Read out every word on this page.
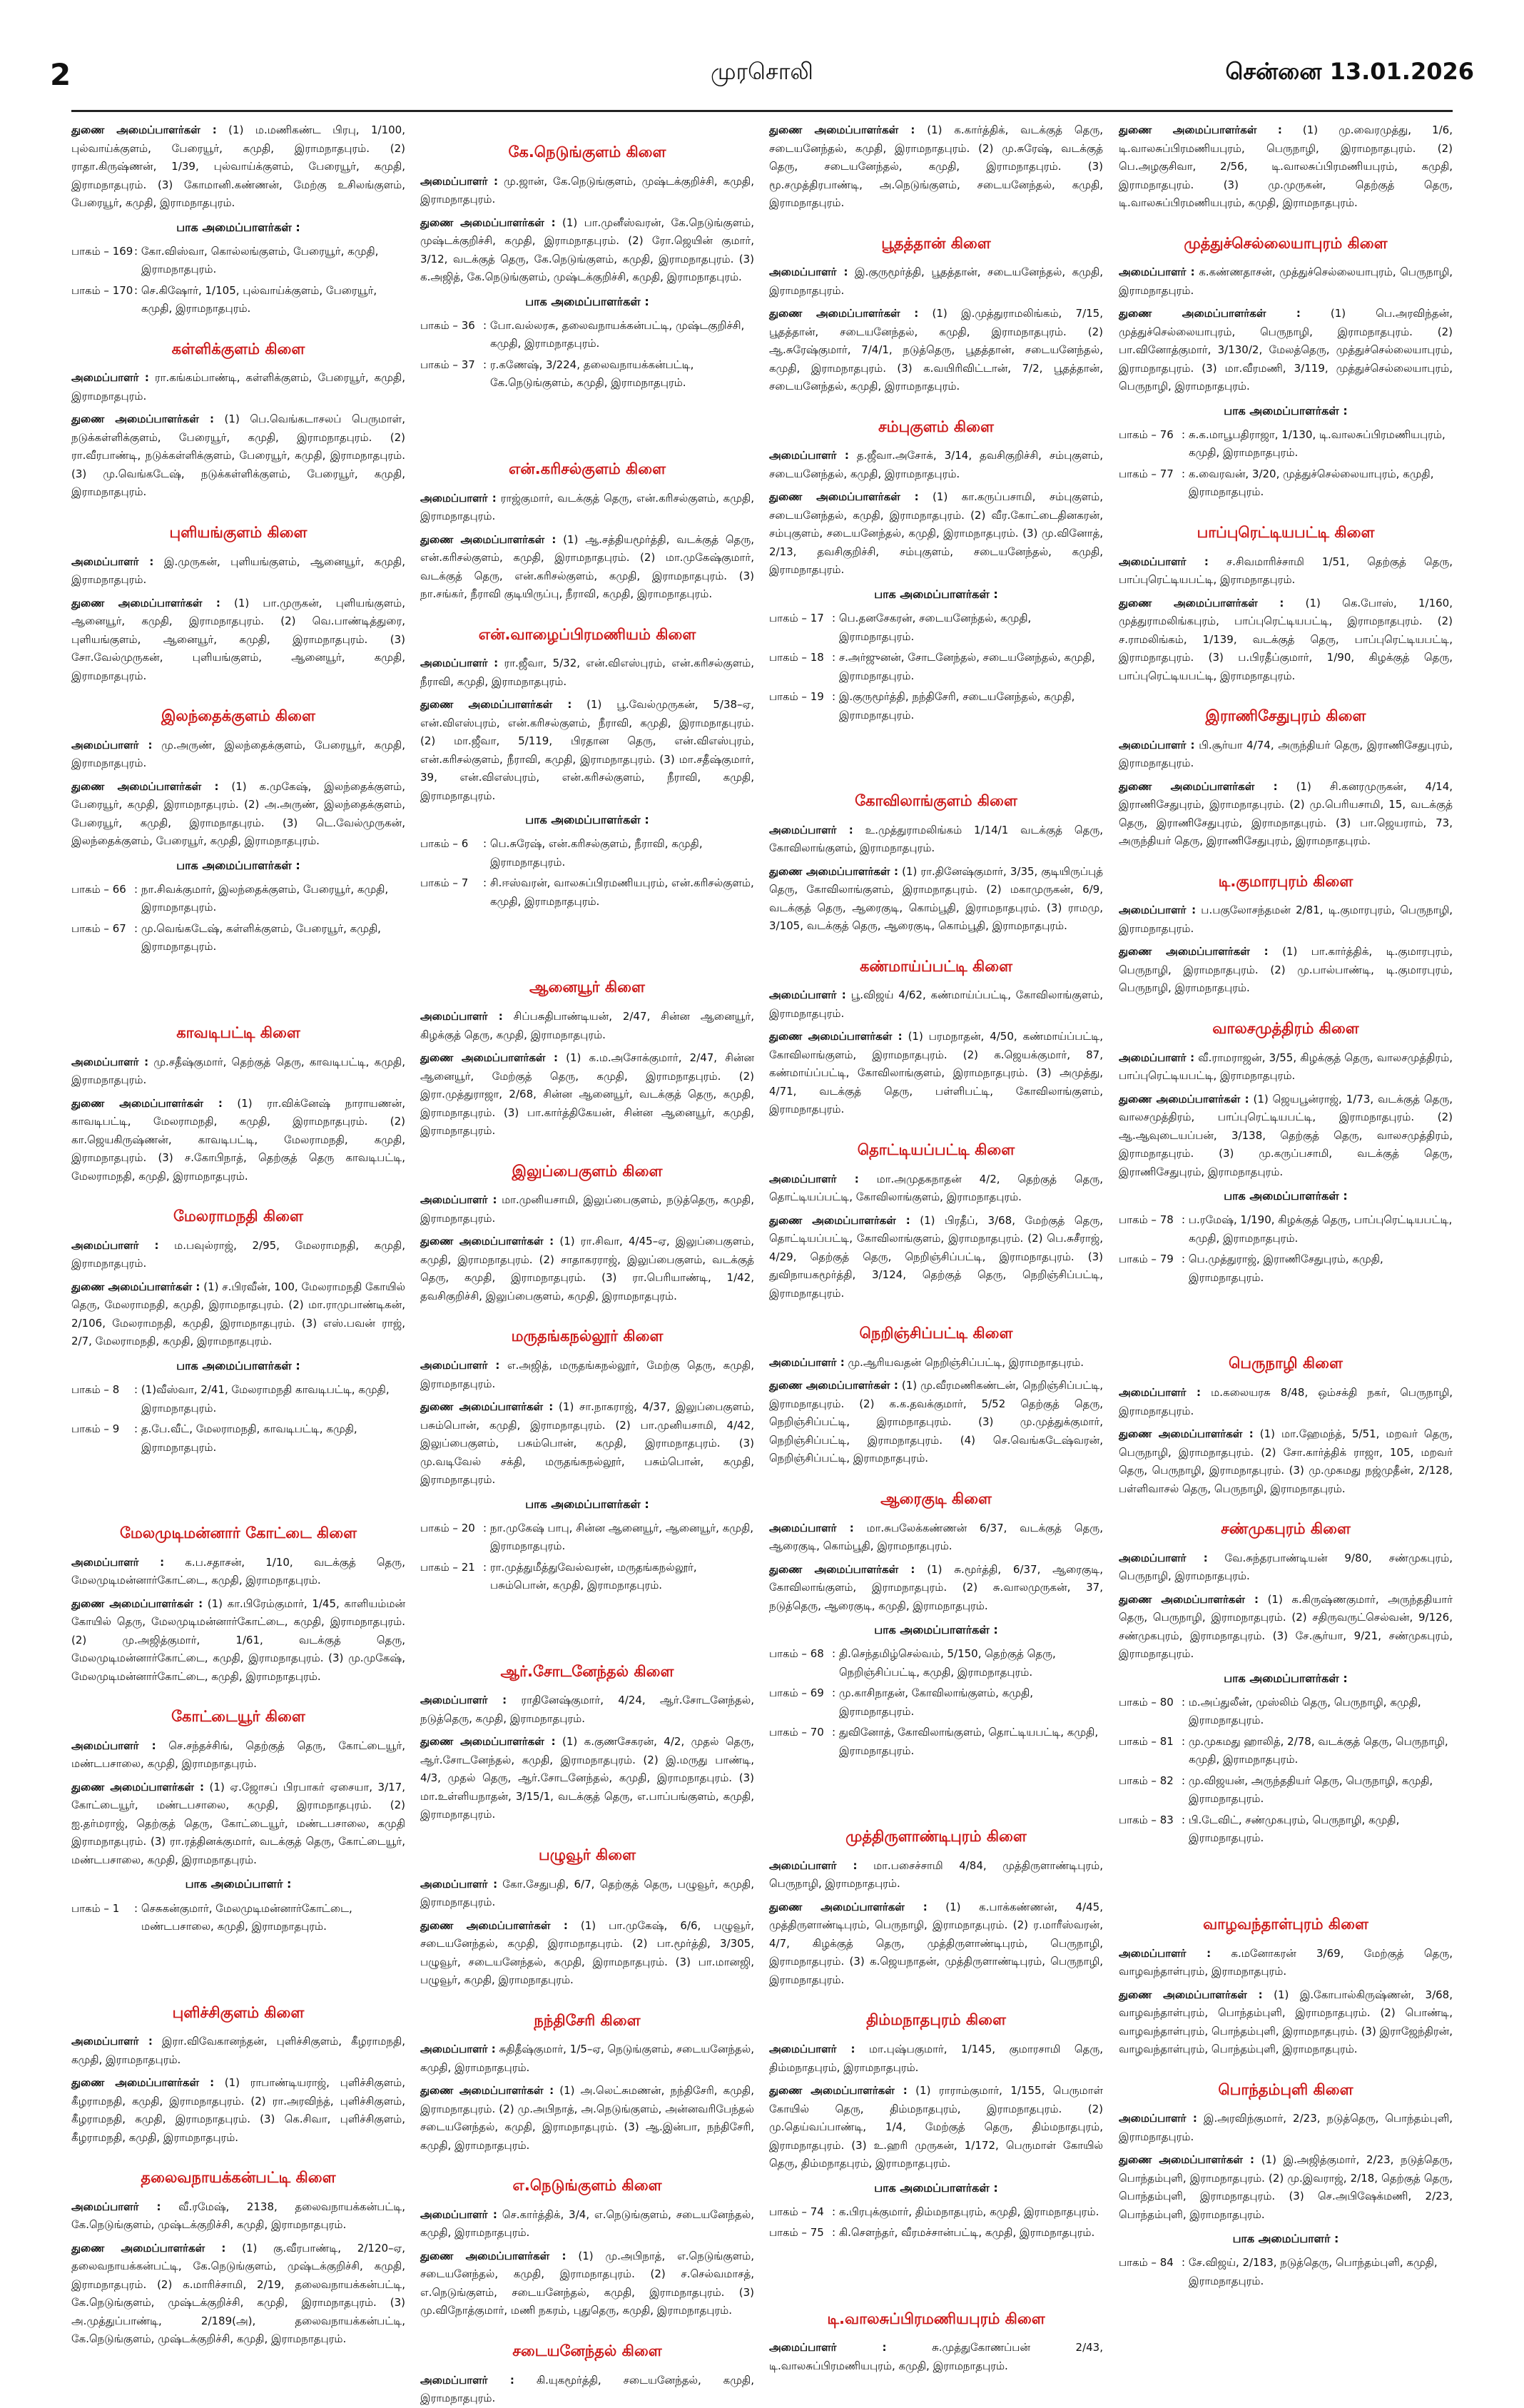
2	முரசொலி	சென்னை 13.01.2026

துணை அமைப்பாளர்கள் : (1) ம.மணிகண்ட பிரபு, 1/100, புல்வாய்க்குளம், பேரையூர், கமுதி, இராமநாதபுரம். (2) ராதா.கிருஷ்ணன், 1/39, புல்வாய்க்குளம், பேரையூர், கமுதி, இராமநாதபுரம். (3) கோமானி.கண்ணன், மேற்கு உசிலங்குளம், பேரையூர், கமுதி, இராமநாதபுரம்.

பாக அமைப்பாளர்கள் :
பாகம் – 169 : கோ.விஸ்வா, கொல்லங்குளம், பேரையூர், கமுதி, இராமநாதபுரம்.
பாகம் – 170 : செ.கிஷோர், 1/105, புல்வாய்க்குளம், பேரையூர், கமுதி, இராமநாதபுரம்.
கள்ளிக்குளம் கிளை

அமைப்பாளர் : ரா.கங்கம்பாண்டி, கள்ளிக்குளம், பேரையூர், கமுதி, இராமநாதபுரம்.

துணை அமைப்பாளர்கள் : (1) பெ.வெங்கடாசலப் பெருமாள், நடுக்கள்ளிக்குளம், பேரையூர், கமுதி, இராமநாதபுரம். (2) ரா.வீரபாண்டி, நடுக்கள்ளிக்குளம், பேரையூர், கமுதி, இராமநாதபுரம். (3) மு.வெங்கடேஷ், நடுக்கள்ளிக்குளம், பேரையூர், கமுதி, இராமநாதபுரம்.

புளியங்குளம் கிளை

அமைப்பாளர் : இ.முருகன், புளியங்குளம், ஆனையூர், கமுதி, இராமநாதபுரம்.

துணை அமைப்பாளர்கள் : (1) பா.முருகன், புளியங்குளம், ஆனையூர், கமுதி, இராமநாதபுரம். (2) வெ.பாண்டித்துரை, புளியங்குளம், ஆனையூர், கமுதி, இராமநாதபுரம். (3) சோ.வேல்முருகன், புளியங்குளம், ஆனையூர், கமுதி, இராமநாதபுரம்.

இலந்தைக்குளம் கிளை

அமைப்பாளர் : மு.அருண், இலந்தைக்குளம், பேரையூர், கமுதி, இராமநாதபுரம்.

துணை அமைப்பாளர்கள் : (1) க.முகேஷ், இலந்தைக்குளம், பேரையூர், கமுதி, இராமநாதபுரம். (2) அ.அருண், இலந்தைக்குளம், பேரையூர், கமுதி, இராமநாதபுரம். (3) டெ.வேல்முருகன், இலந்தைக்குளம், பேரையூர், கமுதி, இராமநாதபுரம்.

பாக அமைப்பாளர்கள் :
பாகம் – 66 : நா.சிவக்குமார், இலந்தைக்குளம், பேரையூர், கமுதி, இராமநாதபுரம்.
பாகம் – 67 : மு.வெங்கடேஷ், கள்ளிக்குளம், பேரையூர், கமுதி, இராமநாதபுரம்.
காவடிபட்டி கிளை

அமைப்பாளர் : மு.சதீஷ்குமார், தெற்குத் தெரு, காவடிபட்டி, கமுதி, இராமநாதபுரம்.

துணை அமைப்பாளர்கள் : (1) ரா.விக்னேஷ் நாராயணன், காவடிபட்டி, மேலராமநதி, கமுதி, இராமநாதபுரம். (2) கா.ஜெயகிருஷ்ணன், காவடிபட்டி, மேலராமநதி, கமுதி, இராமநாதபுரம். (3) ச.கோபிநாத், தெற்குத் தெரு காவடிபட்டி, மேலராமநதி, கமுதி, இராமநாதபுரம்.

மேலராமநதி கிளை

அமைப்பாளர் : ம.பவுல்ராஜ், 2/95, மேலராமநதி, கமுதி, இராமநாதபுரம்.

துணை அமைப்பாளர்கள் : (1) ச.பிரவீன், 100, மேலராமநதி கோயில் தெரு, மேலராமநதி, கமுதி, இராமநாதபுரம். (2) மா.ராமுபாண்டிகன், 2/106, மேலராமநதி, கமுதி, இராமநாதபுரம். (3) எஸ்.பவன் ராஜ், 2/7, மேலராமநதி, கமுதி, இராமநாதபுரம்.

பாக அமைப்பாளர்கள் :
பாகம் – 8	: (1)வீஸ்வா, 2/41, மேலராமநதி காவடிபட்டி, கமுதி, இராமநாதபுரம்.
பாகம் – 9	: த.பே.வீட், மேலராமநதி, காவடிபட்டி, கமுதி, இராமநாதபுரம்.
மேலமுடிமன்னார் கோட்டை கிளை

அமைப்பாளர் : க.ப.சதாசன், 1/10, வடக்குத் தெரு, மேலமுடிமன்னார்கோட்டை, கமுதி, இராமநாதபுரம்.

துணை அமைப்பாளர்கள் : (1) கா.பிரேம்குமார், 1/45, காளியம்மன் கோயில் தெரு, மேலமுடிமன்னார்கோட்டை, கமுதி, இராமநாதபுரம். (2) மு.அஜித்குமார், 1/61, வடக்குத் தெரு, மேலமுடிமன்னார்கோட்டை, கமுதி, இராமநாதபுரம். (3) மு.முகேஷ், மேலமுடிமன்னார்கோட்டை, கமுதி, இராமநாதபுரம்.

கோட்டையூர் கிளை

அமைப்பாளர் : செ.சந்தச்சிங், தெற்குத் தெரு, கோட்டையூர், மண்டபசாலை, கமுதி, இராமநாதபுரம்.

துணை அமைப்பாளர்கள் : (1) ஏ.ஜோசப் பிரபாகர் ஏசையா, 3/17, கோட்டையூர், மண்டபசாலை, கமுதி, இராமநாதபுரம். (2) ஐ.தர்மராஜ், தெற்குத் தெரு, கோட்டையூர், மண்டபசாலை, கமுதி இராமநாதபுரம். (3) ரா.ரத்தினக்குமார், வடக்குத் தெரு, கோட்டையூர், மண்டபசாலை, கமுதி, இராமநாதபுரம்.

பாக அமைப்பாளர் :
பாகம் – 1	: செசுகன்குமார், மேலமுடிமன்னார்கோட்டை, மண்டபசாலை, கமுதி, இராமநாதபுரம்.
புளிச்சிகுளம் கிளை

அமைப்பாளர் : இரா.விவேகானந்தன், புளிச்சிகுளம், கீழராமநதி, கமுதி, இராமநாதபுரம்.

துணை அமைப்பாளர்கள் : (1) ராபாண்டியராஜ், புளிச்சிகுளம், கீழராமநதி, கமுதி, இராமநாதபுரம். (2) ரா.அரவிந்த், புளிச்சிகுளம், கீழராமநதி, கமுதி, இராமநாதபுரம். (3) கெ.சிவா, புளிச்சிகுளம், கீழராமநதி, கமுதி, இராமநாதபுரம்.

தலைவநாயக்கன்பட்டி கிளை

அமைப்பாளர் : வீ.ரமேஷ், 2138, தலைவநாயக்கன்பட்டி, கே.நெடுங்குளம், முஷ்டக்குறிச்சி, கமுதி, இராமநாதபுரம்.

துணை அமைப்பாளர்கள் : (1) கு.வீரபாண்டி, 2/120–ஏ, தலைவநாயக்கன்பட்டி, கே.நெடுங்குளம், முஷ்டக்குறிச்சி, கமுதி, இராமநாதபுரம். (2) க.மாரிச்சாமி, 2/19, தலைவநாயக்கன்பட்டி, கே.நெடுங்குளம், முஷ்டக்குறிச்சி, கமுதி, இராமநாதபுரம். (3) அ.முத்துப்பாண்டி, 2/189(அ), தலைவநாயக்கன்பட்டி, கே.நெடுங்குளம், முஷ்டக்குறிச்சி, கமுதி, இராமநாதபுரம்.

கே.நெடுங்குளம் கிளை

அமைப்பாளர் : மு.ஜான், கே.நெடுங்குளம், முஷ்டக்குறிச்சி, கமுதி, இராமநாதபுரம்.

துணை அமைப்பாளர்கள் : (1) பா.முனீஸ்வரன், கே.நெடுங்குளம், முஷ்டக்குறிச்சி, கமுதி, இராமநாதபுரம். (2) ரோ.ஜெயின் குமார், 3/12, வடக்குத் தெரு, கே.நெடுங்குளம், கமுதி, இராமநாதபுரம். (3) க.அஜித், கே.நெடுங்குளம், முஷ்டக்குறிச்சி, கமுதி, இராமநாதபுரம்.

பாக அமைப்பாளர்கள் :
பாகம் – 36 : போ.வல்லரசு, தலைவநாயக்கன்பட்டி, முஷ்டகுறிச்சி, கமுதி, இராமநாதபுரம்.
பாகம் – 37 : ர.கணேஷ், 3/224, தலைவநாயக்கன்பட்டி, கே.நெடுங்குளம், கமுதி, இராமநாதபுரம்.
என்.கரிசல்குளம் கிளை

அமைப்பாளர் : ராஜ்குமார், வடக்குத் தெரு, என்.கரிசல்குளம், கமுதி, இராமநாதபுரம்.

துணை அமைப்பாளர்கள் : (1) ஆ.சத்தியமூர்த்தி, வடக்குத் தெரு, என்.கரிசல்குளம், கமுதி, இராமநாதபுரம். (2) மா.முகேஷ்குமார், வடக்குத் தெரு, என்.கரிசல்குளம், கமுதி, இராமநாதபுரம். (3) நா.சங்கர், நீராவி குடியிருப்பு, நீராவி, கமுதி, இராமநாதபுரம்.

என்.வாழைப்பிரமணியம் கிளை

அமைப்பாளர் : ரா.ஜீவா, 5/32, என்.விஎஸ்புரம், என்.கரிசல்குளம், நீராவி, கமுதி, இராமநாதபுரம்.

துணை அமைப்பாளர்கள் : (1) பூ.வேல்முருகன், 5/38–ஏ, என்.விஎஸ்புரம், என்.கரிசல்குளம், நீராவி, கமுதி, இராமநாதபுரம். (2) மா.ஜீவா, 5/119, பிரதான தெரு, என்.விஎஸ்புரம், என்.கரிசல்குளம், நீராவி, கமுதி, இராமநாதபுரம். (3) மா.சதீஷ்குமார், 39, என்.விஎஸ்புரம், என்.கரிசல்குளம், நீராவி, கமுதி, இராமநாதபுரம்.

பாக அமைப்பாளர்கள் :
பாகம் – 6	: பெ.சுரேஷ், என்.கரிசல்குளம், நீராவி, கமுதி, இராமநாதபுரம்.
பாகம் – 7	: சி.ஈஸ்வரன், வாலசுப்பிரமணியபுரம், என்.கரிசல்குளம், கமுதி, இராமநாதபுரம்.
ஆனையூர் கிளை

அமைப்பாளர் : சிப்பசுதிபாண்டியன், 2/47, சின்ன ஆனையூர், கிழக்குத் தெரு, கமுதி, இராமநாதபுரம்.

துணை அமைப்பாளர்கள் : (1) க.ம.அசோக்குமார், 2/47, சின்ன ஆனையூர், மேற்குத் தெரு, கமுதி, இராமநாதபுரம். (2) இரா.முத்துராஜா, 2/68, சின்ன ஆனையூர், வடக்குத் தெரு, கமுதி, இராமநாதபுரம். (3) பா.கார்த்திகேயன், சின்ன ஆனையூர், கமுதி, இராமநாதபுரம்.

இலுப்பைகுளம் கிளை

அமைப்பாளர் : மா.முனியசாமி, இலுப்பைகுளம், நடுத்தெரு, கமுதி, இராமநாதபுரம்.

துணை அமைப்பாளர்கள் : (1) ரா.சிவா, 4/45–ஏ, இலுப்பைகுளம், கமுதி, இராமநாதபுரம். (2) சாதாகரராஜ், இலுப்பைகுளம், வடக்குத் தெரு, கமுதி, இராமநாதபுரம். (3) ரா.பெரியாண்டி, 1/42, தவசிகுறிச்சி, இலுப்பைகுளம், கமுதி, இராமநாதபுரம்.

மருதங்கநல்லூர் கிளை

அமைப்பாளர் : எ.அஜித், மருதங்கநல்லூர், மேற்கு தெரு, கமுதி, இராமநாதபுரம்.

துணை அமைப்பாளர்கள் : (1) சா.நாகராஜ், 4/37, இலுப்பைகுளம், பசும்பொன், கமுதி, இராமநாதபுரம். (2) பா.முனியசாமி, 4/42, இலுப்பைகுளம், பசும்பொன், கமுதி, இராமநாதபுரம். (3) மு.வடிவேல் சக்தி, மருதங்கநல்லூர், பசும்பொன், கமுதி, இராமநாதபுரம்.

பாக அமைப்பாளர்கள் :
பாகம் – 20 : நா.முகேஷ் பாபு, சின்ன ஆனையூர், ஆனையூர், கமுதி, இராமநாதபுரம்.
பாகம் – 21 : ரா.முத்துமீத்துவேல்வரன், மருதங்கநல்லூர், பசும்பொன், கமுதி, இராமநாதபுரம்.
ஆர்.சோடனேந்தல் கிளை

அமைப்பாளர் : ராதினேஷ்குமார், 4/24, ஆர்.சோடனேந்தல், நடுத்தெரு, கமுதி, இராமநாதபுரம்.

துணை அமைப்பாளர்கள் : (1) க.குணசேகரன், 4/2, முதல் தெரு, ஆர்.சோடனேந்தல், கமுதி, இராமநாதபுரம். (2) இ.மருது பாண்டி, 4/3, முதல் தெரு, ஆர்.சோடனேந்தல், கமுதி, இராமநாதபுரம். (3) மா.உள்ளியநாதன், 3/15/1, வடக்குத் தெரு, எ.பாப்பங்குளம், கமுதி, இராமநாதபுரம்.

பழுவூர் கிளை

அமைப்பாளர் : கோ.சேதுபதி, 6/7, தெற்குத் தெரு, பழுவூர், கமுதி, இராமநாதபுரம்.

துணை அமைப்பாளர்கள் : (1) பா.முகேஷ், 6/6, பழுவூர், சடையனேந்தல், கமுதி, இராமநாதபுரம். (2) பா.மூர்த்தி, 3/305, பழுவூர், சடையனேந்தல், கமுதி, இராமநாதபுரம். (3) பா.மானஜி, பழுவூர், கமுதி, இராமநாதபுரம்.

நந்திசேரி கிளை

அமைப்பாளர் : சுதிதீஷ்குமார், 1/5–ஏ, நெடுங்குளம், சடையனேந்தல், கமுதி, இராமநாதபுரம்.

துணை அமைப்பாளர்கள் : (1) அ.லெட்சுமணன், நந்திசேரி, கமுதி, இராமநாதபுரம். (2) மு.அபிநாத், அ.நெடுங்குளம், அன்னவரிபேந்தல் சடையனேந்தல், கமுதி, இராமநாதபுரம். (3) ஆ.இன்பா, நந்திசேரி, கமுதி, இராமநாதபுரம்.

எ.நெடுங்குளம் கிளை

அமைப்பாளர் : செ.கார்த்திக், 3/4, எ.நெடுங்குளம், சடையனேந்தல், கமுதி, இராமநாதபுரம்.

துணை அமைப்பாளர்கள் : (1) மு.அபிநாத், எ.நெடுங்குளம், சடையனேந்தல், கமுதி, இராமநாதபுரம். (2) ச.செல்வமாசத், எ.நெடுங்குளம், சடையனேந்தல், கமுதி, இராமநாதபுரம். (3) மு.விநோத்குமார், மணி நகரம், புதுதெரு, கமுதி, இராமநாதபுரம்.

சடையனேந்தல் கிளை

அமைப்பாளர் : கி.யுகமூர்த்தி, சடையனேந்தல், கமுதி, இராமநாதபுரம்.

துணை அமைப்பாளர்கள் : (1) க.கார்த்திக், வடக்குத் தெரு, சடையனேந்தல், கமுதி, இராமநாதபுரம். (2) மு.சுரேஷ், வடக்குத் தெரு, சடையனேந்தல், கமுதி, இராமநாதபுரம். (3) மூ.சமுத்திரபாண்டி, அ.நெடுங்குளம், சடையனேந்தல், கமுதி, இராமநாதபுரம்.

பூதத்தான் கிளை

அமைப்பாளர் : இ.குருமூர்த்தி, பூதத்தான், சடையனேந்தல், கமுதி, இராமநாதபுரம்.

துணை அமைப்பாளர்கள் : (1) இ.முத்துராமலிங்கம், 7/15, பூதத்தான், சடையனேந்தல், கமுதி, இராமநாதபுரம். (2) ஆ.சுரேஷ்குமார், 7/4/1, நடுத்தெரு, பூதத்தான், சடையனேந்தல், கமுதி, இராமநாதபுரம். (3) க.வயிரிவிட்டான், 7/2, பூதத்தான், சடையனேந்தல், கமுதி, இராமநாதபுரம்.

சம்புகுளம் கிளை

அமைப்பாளர் : த.ஜீவா.அசோக், 3/14, தவசிகுறிச்சி, சம்புகுளம், சடையனேந்தல், கமுதி, இராமநாதபுரம்.

துணை அமைப்பாளர்கள் : (1) கா.கருப்பசாமி, சம்புகுளம், சடையனேந்தல், கமுதி, இராமநாதபுரம். (2) வீர.கோட்டைதினகரன், சம்புகுளம், சடையனேந்தல், கமுதி, இராமநாதபுரம். (3) மு.வினோத், 2/13, தவசிகுறிச்சி, சம்புகுளம், சடையனேந்தல், கமுதி, இராமநாதபுரம்.

பாக அமைப்பாளர்கள் :
பாகம் – 17 : பெ.தனசேகரன், சடையனேந்தல், கமுதி, இராமநாதபுரம்.
பாகம் – 18 : ச.அர்ஜுனன், சோடனேந்தல், சடையனேந்தல், கமுதி, இராமநாதபுரம்.
பாகம் – 19 : இ.குருமூர்த்தி, நந்திசேரி, சடையனேந்தல், கமுதி, இராமநாதபுரம்.
கோவிலாங்குளம் கிளை

அமைப்பாளர் : உ.முத்துராமலிங்கம் 1/14/1 வடக்குத் தெரு, கோவிலாங்குளம், இராமநாதபுரம்.

துணை அமைப்பாளர்கள் : (1) ரா.தினேஷ்குமார், 3/35, குடியிருப்புத் தெரு, கோவிலாங்குளம், இராமநாதபுரம். (2) மகாமுருகன், 6/9, வடக்குத் தெரு, ஆரைகுடி, கொம்பூதி, இராமநாதபுரம். (3) ராமமு, 3/105, வடக்குத் தெரு, ஆரைகுடி, கொம்பூதி, இராமநாதபுரம்.

கண்மாய்ப்பட்டி கிளை

அமைப்பாளர் : பூ.விஜய் 4/62, கண்மாய்ப்பட்டி, கோவிலாங்குளம், இராமநாதபுரம்.

துணை அமைப்பாளர்கள் : (1) பரமநாதன், 4/50, கண்மாய்ப்பட்டி, கோவிலாங்குளம், இராமநாதபுரம். (2) க.ஜெயக்குமார், 87, கண்மாய்ப்பட்டி, கோவிலாங்குளம், இராமநாதபுரம். (3) அமுத்து, 4/71, வடக்குத் தெரு, பள்ளிபட்டி, கோவிலாங்குளம், இராமநாதபுரம்.

தொட்டியப்பட்டி கிளை

அமைப்பாளர் : மா.அமுதகநாதன் 4/2, தெற்குத் தெரு, தொட்டியப்பட்டி, கோவிலாங்குளம், இராமநாதபுரம்.

துணை அமைப்பாளர்கள் : (1) பிரதீப், 3/68, மேற்குத் தெரு, தொட்டியப்பட்டி, கோவிலாங்குளம், இராமநாதபுரம். (2) பெ.சுசீராஜ், 4/29, தெற்குத் தெரு, நெறிஞ்சிப்பட்டி, இராமநாதபுரம். (3) துவிநாயகமூர்த்தி, 3/124, தெற்குத் தெரு, நெறிஞ்சிப்பட்டி, இராமநாதபுரம்.

நெறிஞ்சிப்பட்டி கிளை

அமைப்பாளர் : மு.ஆரியவதன் நெறிஞ்சிப்பட்டி, இராமநாதபுரம்.

துணை அமைப்பாளர்கள் : (1) மு.வீரமணிகண்டன், நெறிஞ்சிப்பட்டி, இராமநாதபுரம். (2) க.க.தவக்குமார், 5/52 தெற்குத் தெரு, நெறிஞ்சிப்பட்டி, இராமநாதபுரம். (3) மு.முத்துக்குமார், நெறிஞ்சிப்பட்டி, இராமநாதபுரம். (4) செ.வெங்கடேஷ்வரன், நெறிஞ்சிப்பட்டி, இராமநாதபுரம்.

ஆரைகுடி கிளை

அமைப்பாளர் : மா.சுபலேக்கண்ணன் 6/37, வடக்குத் தெரு, ஆரைகுடி, கொம்பூதி, இராமநாதபுரம்.

துணை அமைப்பாளர்கள் : (1) சு.மூர்த்தி, 6/37, ஆரைகுடி, கோவிலாங்குளம், இராமநாதபுரம். (2) சு.வாலமுருகன், 37, நடுத்தெரு, ஆரைகுடி, கமுதி, இராமநாதபுரம்.

பாக அமைப்பாளர்கள் :
பாகம் – 68 : தி.செந்தமிழ்செல்வம், 5/150, தெற்குத் தெரு, நெறிஞ்சிப்பட்டி, கமுதி, இராமநாதபுரம்.
பாகம் – 69 : மு.காசிநாதன், கோவிலாங்குளம், கமுதி, இராமநாதபுரம்.
பாகம் – 70 : துவினோத், கோவிலாங்குளம், தொட்டியபட்டி, கமுதி, இராமநாதபுரம்.
முத்திருளாண்டிபுரம் கிளை

அமைப்பாளர் : மா.பசைச்சாமி 4/84, முத்திருளாண்டிபுரம், பெருநாழி, இராமநாதபுரம்.

துணை அமைப்பாளர்கள் : (1) க.பாக்கண்ணன், 4/45, முத்திருளாண்டிபுரம், பெருநாழி, இராமநாதபுரம். (2) ர.மாரீஸ்வரன், 4/7, கிழக்குத் தெரு, முத்திருளாண்டிபுரம், பெருநாழி, இராமநாதபுரம். (3) க.ஜெயநாதன், முத்திருளாண்டிபுரம், பெருநாழி, இராமநாதபுரம்.

திம்மநாதபுரம் கிளை

அமைப்பாளர் : மா.புஷ்பகுமார், 1/145, குமாரசாமி தெரு, திம்மநாதபுரம், இராமநாதபுரம்.

துணை அமைப்பாளர்கள் : (1) ராராம்குமார், 1/155, பெருமாள் கோயில் தெரு, திம்மநாதபுரம், இராமநாதபுரம். (2) மு.தெய்வப்பாண்டி, 1/4, மேற்குத் தெரு, திம்மநாதபுரம், இராமநாதபுரம். (3) உ.ஹரி முருகன், 1/172, பெருமாள் கோயில் தெரு, திம்மநாதபுரம், இராமநாதபுரம்.

பாக அமைப்பாளர்கள் :
பாகம் – 74 : க.பிரபுக்குமார், திம்மநாதபுரம், கமுதி, இராமநாதபுரம்.
பாகம் – 75 : கி.சௌந்தர், வீரமச்சான்பட்டி, கமுதி, இராமநாதபுரம்.
டி.வாலசுப்பிரமணியபுரம் கிளை

அமைப்பாளர் : சு.முத்துகோணப்பன் 2/43, டி.வாலசுப்பிரமணியபுரம், கமுதி, இராமநாதபுரம்.

துணை அமைப்பாளர்கள் : (1) மு.வைரமுத்து, 1/6, டி.வாலசுப்பிரமணியபுரம், பெருநாழி, இராமநாதபுரம். (2) பெ.அழகுசிவா, 2/56, டி.வாலசுப்பிரமணியபுரம், கமுதி, இராமநாதபுரம். (3) மு.முருகன், தெற்குத் தெரு, டி.வாலசுப்பிரமணியபுரம், கமுதி, இராமநாதபுரம்.

முத்துச்செல்லையாபுரம் கிளை

அமைப்பாளர் : க.கண்ணதாசன், முத்துச்செல்லையாபுரம், பெருநாழி, இராமநாதபுரம்.

துணை அமைப்பாளர்கள் : (1) பெ.அரவிந்தன், முத்துச்செல்லையாபுரம், பெருநாழி, இராமநாதபுரம். (2) பா.வினோத்குமார், 3/130/2, மேலத்தெரு, முத்துச்செல்லையாபுரம், இராமநாதபுரம். (3) மா.வீரமணி, 3/119, முத்துச்செல்லையாபுரம், பெருநாழி, இராமநாதபுரம்.

பாக அமைப்பாளர்கள் :
பாகம் – 76 : சு.க.மாபூபதிராஜா, 1/130, டி.வாலசுப்பிரமணியபுரம், கமுதி, இராமநாதபுரம்.
பாகம் – 77 : க.வைரவன், 3/20, முத்துச்செல்லையாபுரம், கமுதி, இராமநாதபுரம்.
பாப்புரெட்டியபட்டி கிளை

அமைப்பாளர் : ச.சிவமாரிச்சாமி 1/51, தெற்குத் தெரு, பாப்புரெட்டியபட்டி, இராமநாதபுரம்.

துணை அமைப்பாளர்கள் : (1) கெ.போஸ், 1/160, முத்துராமலிங்கபுரம், பாப்புரெட்டியபட்டி, இராமநாதபுரம். (2) ச.ராமலிங்கம், 1/139, வடக்குத் தெரு, பாப்புரெட்டியபட்டி, இராமநாதபுரம். (3) ப.பிரதீப்குமார், 1/90, கிழக்குத் தெரு, பாப்புரெட்டியபட்டி, இராமநாதபுரம்.

இராணிசேதுபுரம் கிளை

அமைப்பாளர் : பி.சூர்யா 4/74, அருந்தியர் தெரு, இராணிசேதுபுரம், இராமநாதபுரம்.

துணை அமைப்பாளர்கள் : (1) சி.கனரமுருகன், 4/14, இராணிசேதுபுரம், இராமநாதபுரம். (2) மு.பெரியசாமி, 15, வடக்குத் தெரு, இராணிசேதுபுரம், இராமநாதபுரம். (3) பா.ஜெயராம், 73, அருந்தியர் தெரு, இராணிசேதுபுரம், இராமநாதபுரம்.

டி.குமாரபுரம் கிளை

அமைப்பாளர் : ப.பகுலோசந்தமன் 2/81, டி.குமாரபுரம், பெருநாழி, இராமநாதபுரம்.

துணை அமைப்பாளர்கள் : (1) பா.கார்த்திக், டி.குமாரபுரம், பெருநாழி, இராமநாதபுரம். (2) மு.பால்பாண்டி, டி.குமாரபுரம், பெருநாழி, இராமநாதபுரம்.

வாலசமுத்திரம் கிளை

அமைப்பாளர் : வீ.ராமராஜன், 3/55, கிழக்குத் தெரு, வாலசமுத்திரம், பாப்புரெட்டியபட்டி, இராமநாதபுரம்.

துணை அமைப்பாளர்கள் : (1) ஜெயபூன்ராஜ், 1/73, வடக்குத் தெரு, வாலசமுத்திரம், பாப்புரெட்டியபட்டி, இராமநாதபுரம். (2) ஆ.ஆவுடையப்பன், 3/138, தெற்குத் தெரு, வாலசமுத்திரம், இராமநாதபுரம். (3) மு.கருப்பசாமி, வடக்குத் தெரு, இராணிசேதுபுரம், இராமநாதபுரம்.

பாக அமைப்பாளர்கள் :
பாகம் – 78 : ப.ரமேஷ், 1/190, கிழக்குத் தெரு, பாப்புரெட்டியபட்டி, கமுதி, இராமநாதபுரம்.
பாகம் – 79 : பெ.முத்துராஜ், இராணிசேதுபுரம், கமுதி, இராமநாதபுரம்.
பெருநாழி கிளை

அமைப்பாளர் : ம.கலையரசு 8/48, ஒம்சக்தி நகர், பெருநாழி, இராமநாதபுரம்.

துணை அமைப்பாளர்கள் : (1) மா.ஹேமந்த், 5/51, மறவர் தெரு, பெருநாழி, இராமநாதபுரம். (2) சோ.கார்த்திக் ராஜா, 105, மறவர் தெரு, பெருநாழி, இராமநாதபுரம். (3) மு.முகமது நஜ்முதீன், 2/128, பள்ளிவாசல் தெரு, பெருநாழி, இராமநாதபுரம்.

சண்முகபுரம் கிளை

அமைப்பாளர் : வே.சுந்தரபாண்டியன் 9/80, சண்முகபுரம், பெருநாழி, இராமநாதபுரம்.

துணை அமைப்பாளர்கள் : (1) க.கிருஷ்ணகுமார், அருந்ததியார் தெரு, பெருநாழி, இராமநாதபுரம். (2) சதிருவருட்செல்வன், 9/126, சண்முகபுரம், இராமநாதபுரம். (3) சே.சூர்யா, 9/21, சண்முகபுரம், இராமநாதபுரம்.

பாக அமைப்பாளர்கள் :
பாகம் – 80 : ம.அப்துலீன், முஸ்லிம் தெரு, பெருநாழி, கமுதி, இராமநாதபுரம்.
பாகம் – 81 : மு.முகமது ஹாலித், 2/78, வடக்குத் தெரு, பெருநாழி, கமுதி, இராமநாதபுரம்.
பாகம் – 82 : மு.விஜயன், அருந்ததியர் தெரு, பெருநாழி, கமுதி, இராமநாதபுரம்.
பாகம் – 83 : பி.டேவிட், சண்முகபுரம், பெருநாழி, கமுதி, இராமநாதபுரம்.
வாழவந்தாள்புரம் கிளை

அமைப்பாளர் : க.மனோகரன் 3/69, மேற்குத் தெரு, வாழவந்தாள்புரம், இராமநாதபுரம்.

துணை அமைப்பாளர்கள் : (1) இ.கோபால்கிருஷ்ணன், 3/68, வாழவந்தாள்புரம், பொந்தம்புளி, இராமநாதபுரம். (2) பொண்டி, வாழவந்தாள்புரம், பொந்தம்புளி, இராமநாதபுரம். (3) இராஜேந்திரன், வாழவந்தாள்புரம், பொந்தம்புளி, இராமநாதபுரம்.

பொந்தம்புளி கிளை

அமைப்பாளர் : இ.அரவிந்குமார், 2/23, நடுத்தெரு, பொந்தம்புளி, இராமநாதபுரம்.

துணை அமைப்பாளர்கள் : (1) இ.அஜித்குமார், 2/23, நடுத்தெரு, பொந்தம்புளி, இராமநாதபுரம். (2) மு.இவராஜ், 2/18, தெற்குத் தெரு, பொந்தம்புளி, இராமநாதபுரம். (3) செ.அபிஷேக்மணி, 2/23, பொந்தம்புளி, இராமநாதபுரம்.

பாக அமைப்பாளர் :
பாகம் – 84 : சே.விஜய், 2/183, நடுத்தெரு, பொந்தம்புளி, கமுதி, இராமநாதபுரம்.
